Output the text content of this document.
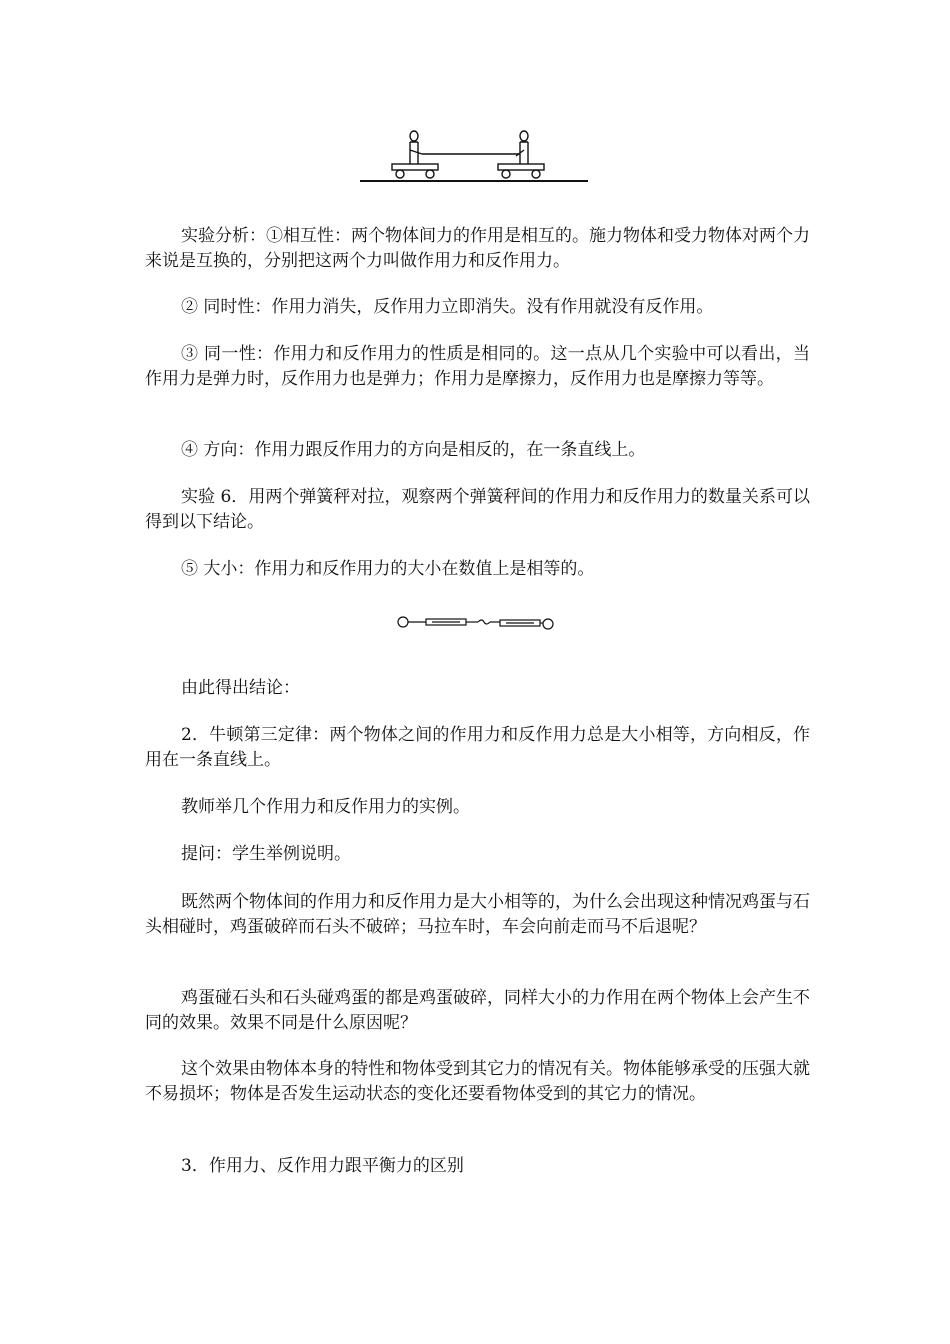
实验分析：①相互性：两个物体间力的作用是相互的。施力物体和受力物体对两个力来说是互换的，分别把这两个力叫做作用力和反作用力。

② 同时性：作用力消失，反作用力立即消失。没有作用就没有反作用。

③ 同一性：作用力和反作用力的性质是相同的。这一点从几个实验中可以看出，当作用力是弹力时，反作用力也是弹力；作用力是摩擦力，反作用力也是摩擦力等等。

④ 方向：作用力跟反作用力的方向是相反的，在一条直线上。

实验 6．用两个弹簧秤对拉，观察两个弹簧秤间的作用力和反作用力的数量关系可以得到以下结论。

⑤ 大小：作用力和反作用力的大小在数值上是相等的。

由此得出结论：

2．牛顿第三定律：两个物体之间的作用力和反作用力总是大小相等，方向相反，作用在一条直线上。

教师举几个作用力和反作用力的实例。

提问：学生举例说明。

既然两个物体间的作用力和反作用力是大小相等的，为什么会出现这种情况鸡蛋与石头相碰时，鸡蛋破碎而石头不破碎；马拉车时，车会向前走而马不后退呢？

鸡蛋碰石头和石头碰鸡蛋的都是鸡蛋破碎，同样大小的力作用在两个物体上会产生不同的效果。效果不同是什么原因呢？

这个效果由物体本身的特性和物体受到其它力的情况有关。物体能够承受的压强大就不易损坏；物体是否发生运动状态的变化还要看物体受到的其它力的情况。

3．作用力、反作用力跟平衡力的区别
